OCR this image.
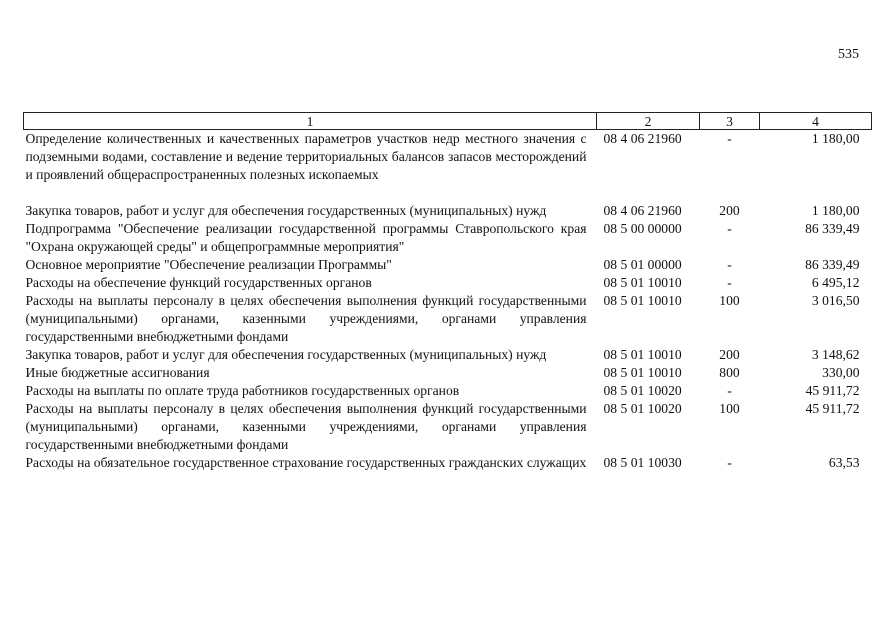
535
1	2	3	4
Определение количественных и качественных параметров участков недр местного значения с подземными водами, составление и ведение территориальных балансов запасов месторождений и проявлений общераспространенных полезных ископаемых	08 4 06 21960	-	1 180,00

Закупка товаров, работ и услуг для обеспечения государственных (муниципальных) нужд	08 4 06 21960	200	1 180,00
Подпрограмма "Обеспечение реализации государственной программы Ставропольского края "Охрана окружающей среды" и общепрограммные мероприятия"	08 5 00 00000	-	86 339,49
Основное мероприятие "Обеспечение реализации Программы"	08 5 01 00000	-	86 339,49
Расходы на обеспечение функций государственных органов	08 5 01 10010	-	6 495,12
Расходы на выплаты персоналу в целях обеспечения выполнения функций государственными (муниципальными) органами, казенными учреждениями, органами управления государственными внебюджетными фондами	08 5 01 10010	100	3 016,50
Закупка товаров, работ и услуг для обеспечения государственных (муниципальных) нужд	08 5 01 10010	200	3 148,62
Иные бюджетные ассигнования	08 5 01 10010	800	330,00
Расходы на выплаты по оплате труда работников государственных органов	08 5 01 10020	-	45 911,72
Расходы на выплаты персоналу в целях обеспечения выполнения функций государственными (муниципальными) органами, казенными учреждениями, органами управления государственными внебюджетными фондами	08 5 01 10020	100	45 911,72
Расходы на обязательное государственное страхование государственных гражданских служащих	08 5 01 10030	-	63,53
